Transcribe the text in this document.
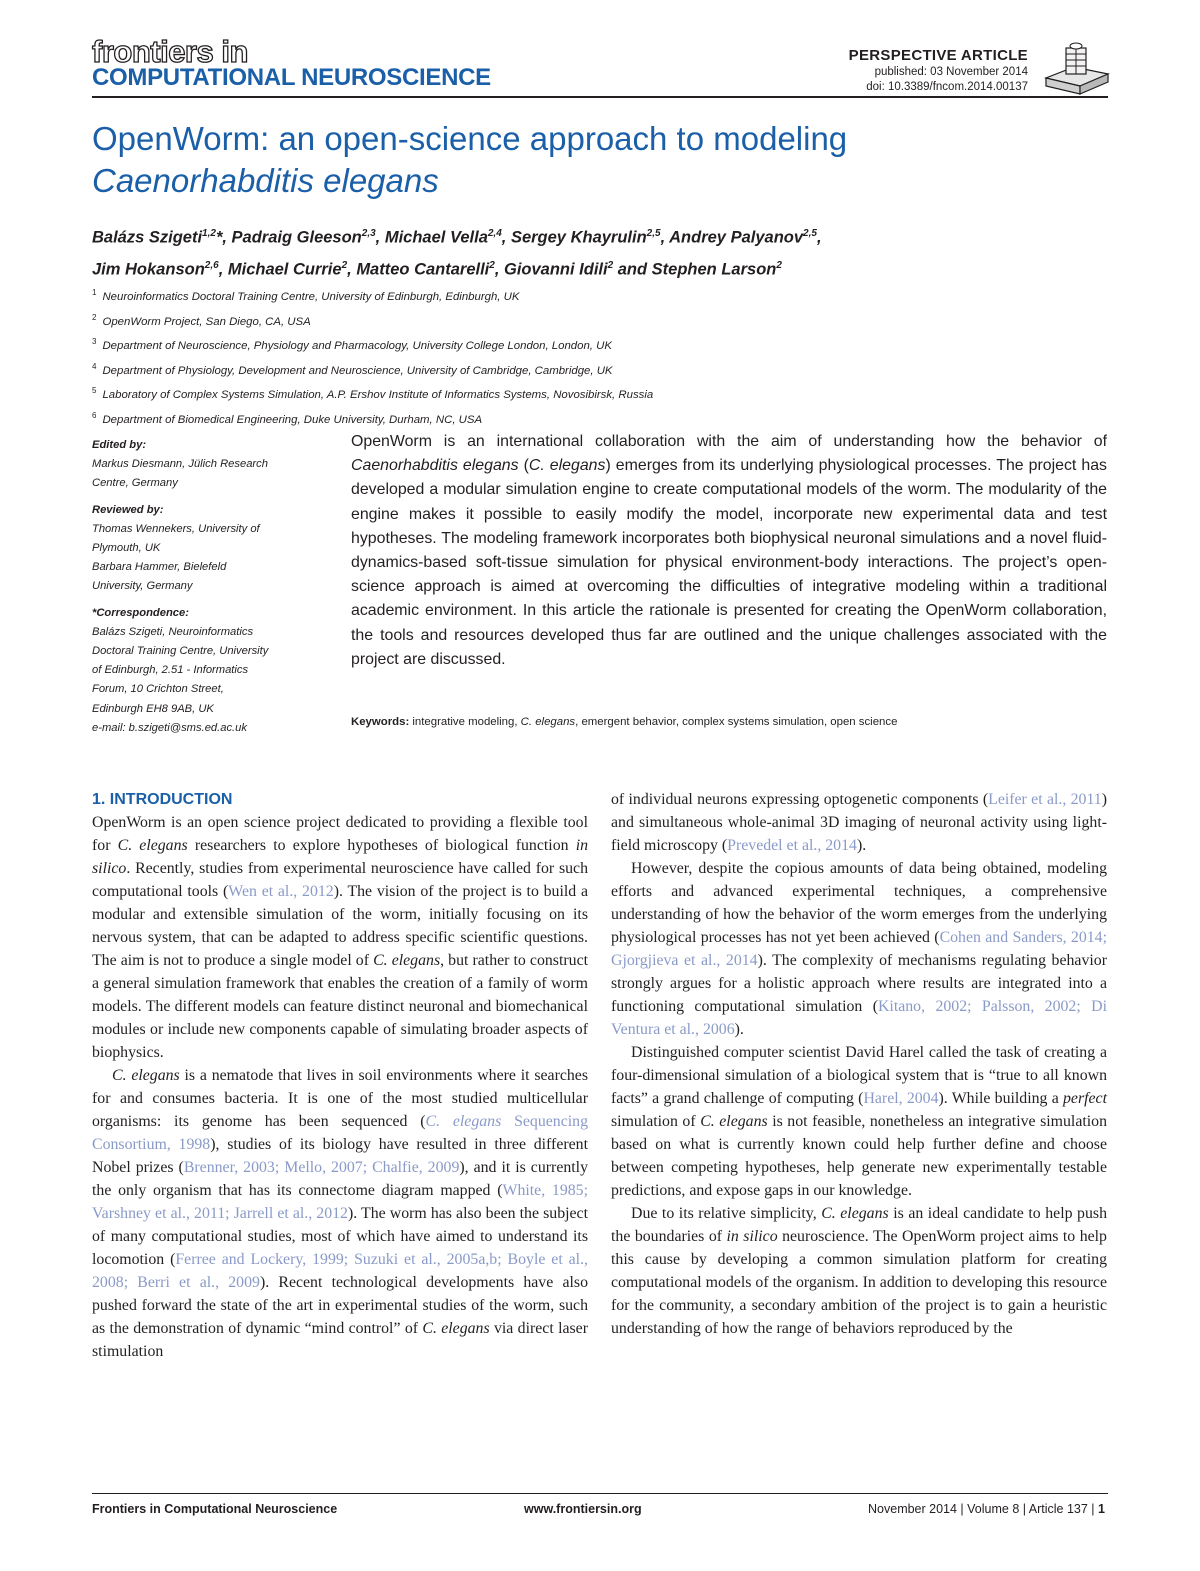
frontiers in
COMPUTATIONAL NEUROSCIENCE
PERSPECTIVE ARTICLE
published: 03 November 2014
doi: 10.3389/fncom.2014.00137
OpenWorm: an open-science approach to modeling
Caenorhabditis elegans
Balázs Szigeti$^{1,2}$*, Padraig Gleeson$^{2,3}$, Michael Vella$^{2,4}$, Sergey Khayrulin$^{2,5}$, Andrey Palyanov$^{2,5}$,
Jim Hokanson$^{2,6}$, Michael Currie$^2$, Matteo Cantarelli$^2$, Giovanni Idili$^2$ and Stephen Larson$^2$
$^1$ Neuroinformatics Doctoral Training Centre, University of Edinburgh, Edinburgh, UK
$^2$ OpenWorm Project, San Diego, CA, USA
$^3$ Department of Neuroscience, Physiology and Pharmacology, University College London, London, UK
$^4$ Department of Physiology, Development and Neuroscience, University of Cambridge, Cambridge, UK
$^5$ Laboratory of Complex Systems Simulation, A.P. Ershov Institute of Informatics Systems, Novosibirsk, Russia
$^6$ Department of Biomedical Engineering, Duke University, Durham, NC, USA
Edited by:
Markus Diesmann, Jülich Research
Centre, Germany
Reviewed by:
Thomas Wennekers, University of
Plymouth, UK
Barbara Hammer, Bielefeld
University, Germany
*Correspondence:
Balázs Szigeti, Neuroinformatics
Doctoral Training Centre, University
of Edinburgh, 2.51 - Informatics
Forum, 10 Crichton Street,
Edinburgh EH8 9AB, UK
e-mail: b.szigeti@sms.ed.ac.uk
OpenWorm is an international collaboration with the aim of understanding how the behavior of Caenorhabditis elegans (C. elegans) emerges from its underlying physiological processes. The project has developed a modular simulation engine to create computational models of the worm. The modularity of the engine makes it possible to easily modify the model, incorporate new experimental data and test hypotheses. The modeling framework incorporates both biophysical neuronal simulations and a novel fluid-dynamics-based soft-tissue simulation for physical environment-body interactions. The project’s open-science approach is aimed at overcoming the difficulties of integrative modeling within a traditional academic environment. In this article the rationale is presented for creating the OpenWorm collaboration, the tools and resources developed thus far are outlined and the unique challenges associated with the project are discussed.
Keywords: integrative modeling, C. elegans, emergent behavior, complex systems simulation, open science
1. INTRODUCTION

OpenWorm is an open science project dedicated to providing a flexible tool for C. elegans researchers to explore hypotheses of biological function in silico. Recently, studies from experimental neuroscience have called for such computational tools (Wen et al., 2012). The vision of the project is to build a modular and extensible simulation of the worm, initially focusing on its nervous system, that can be adapted to address specific scientific questions. The aim is not to produce a single model of C. elegans, but rather to construct a general simulation framework that enables the creation of a family of worm models. The different models can feature distinct neuronal and biomechanical modules or include new components capable of simulating broader aspects of biophysics.

C. elegans is a nematode that lives in soil environments where it searches for and consumes bacteria. It is one of the most studied multicellular organisms: its genome has been sequenced (C. elegans Sequencing Consortium, 1998), studies of its biology have resulted in three different Nobel prizes (Brenner, 2003; Mello, 2007; Chalfie, 2009), and it is currently the only organism that has its connectome diagram mapped (White, 1985; Varshney et al., 2011; Jarrell et al., 2012). The worm has also been the subject of many computational studies, most of which have aimed to understand its locomotion (Ferree and Lockery, 1999; Suzuki et al., 2005a,b; Boyle et al., 2008; Berri et al., 2009). Recent technological developments have also pushed forward the state of the art in experimental studies of the worm, such as the demonstration of dynamic “mind control” of C. elegans via direct laser stimulation

of individual neurons expressing optogenetic components (Leifer et al., 2011) and simultaneous whole-animal 3D imaging of neuronal activity using light-field microscopy (Prevedel et al., 2014).

However, despite the copious amounts of data being obtained, modeling efforts and advanced experimental techniques, a comprehensive understanding of how the behavior of the worm emerges from the underlying physiological processes has not yet been achieved (Cohen and Sanders, 2014; Gjorgjieva et al., 2014). The complexity of mechanisms regulating behavior strongly argues for a holistic approach where results are integrated into a functioning computational simulation (Kitano, 2002; Palsson, 2002; Di Ventura et al., 2006).

Distinguished computer scientist David Harel called the task of creating a four-dimensional simulation of a biological system that is “true to all known facts” a grand challenge of computing (Harel, 2004). While building a perfect simulation of C. elegans is not feasible, nonetheless an integrative simulation based on what is currently known could help further define and choose between competing hypotheses, help generate new experimentally testable predictions, and expose gaps in our knowledge.

Due to its relative simplicity, C. elegans is an ideal candidate to help push the boundaries of in silico neuroscience. The OpenWorm project aims to help this cause by developing a common simulation platform for creating computational models of the organism. In addition to developing this resource for the community, a secondary ambition of the project is to gain a heuristic understanding of how the range of behaviors reproduced by the

Frontiers in Computational Neuroscience	www.frontiersin.org	November 2014 | Volume 8 | Article 137 | 1
